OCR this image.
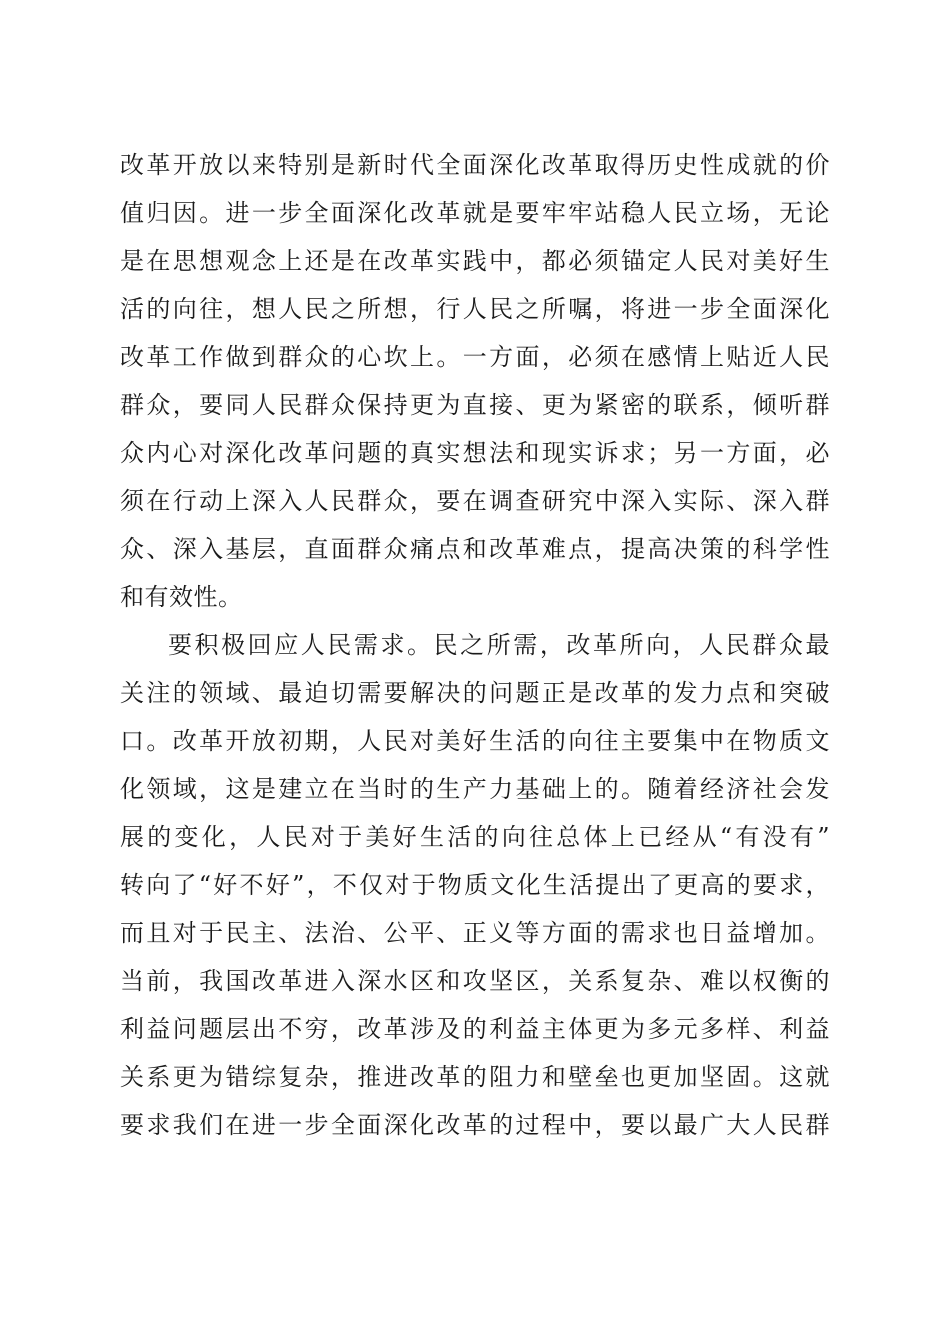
改革开放以来特别是新时代全面深化改革取得历史性成就的价
值归因。进一步全面深化改革就是要牢牢站稳人民立场，无论
是在思想观念上还是在改革实践中，都必须锚定人民对美好生
活的向往，想人民之所想，行人民之所嘱，将进一步全面深化
改革工作做到群众的心坎上。一方面，必须在感情上贴近人民
群众，要同人民群众保持更为直接、更为紧密的联系，倾听群
众内心对深化改革问题的真实想法和现实诉求；另一方面，必
须在行动上深入人民群众，要在调查研究中深入实际、深入群
众、深入基层，直面群众痛点和改革难点，提高决策的科学性
和有效性。
要积极回应人民需求。民之所需，改革所向，人民群众最
关注的领域、最迫切需要解决的问题正是改革的发力点和突破
口。改革开放初期，人民对美好生活的向往主要集中在物质文
化领域，这是建立在当时的生产力基础上的。随着经济社会发
展的变化，人民对于美好生活的向往总体上已经从“有没有”
转向了“好不好”，不仅对于物质文化生活提出了更高的要求，
而且对于民主、法治、公平、正义等方面的需求也日益增加。
当前，我国改革进入深水区和攻坚区，关系复杂、难以权衡的
利益问题层出不穷，改革涉及的利益主体更为多元多样、利益
关系更为错综复杂，推进改革的阻力和壁垒也更加坚固。这就
要求我们在进一步全面深化改革的过程中，要以最广大人民群
